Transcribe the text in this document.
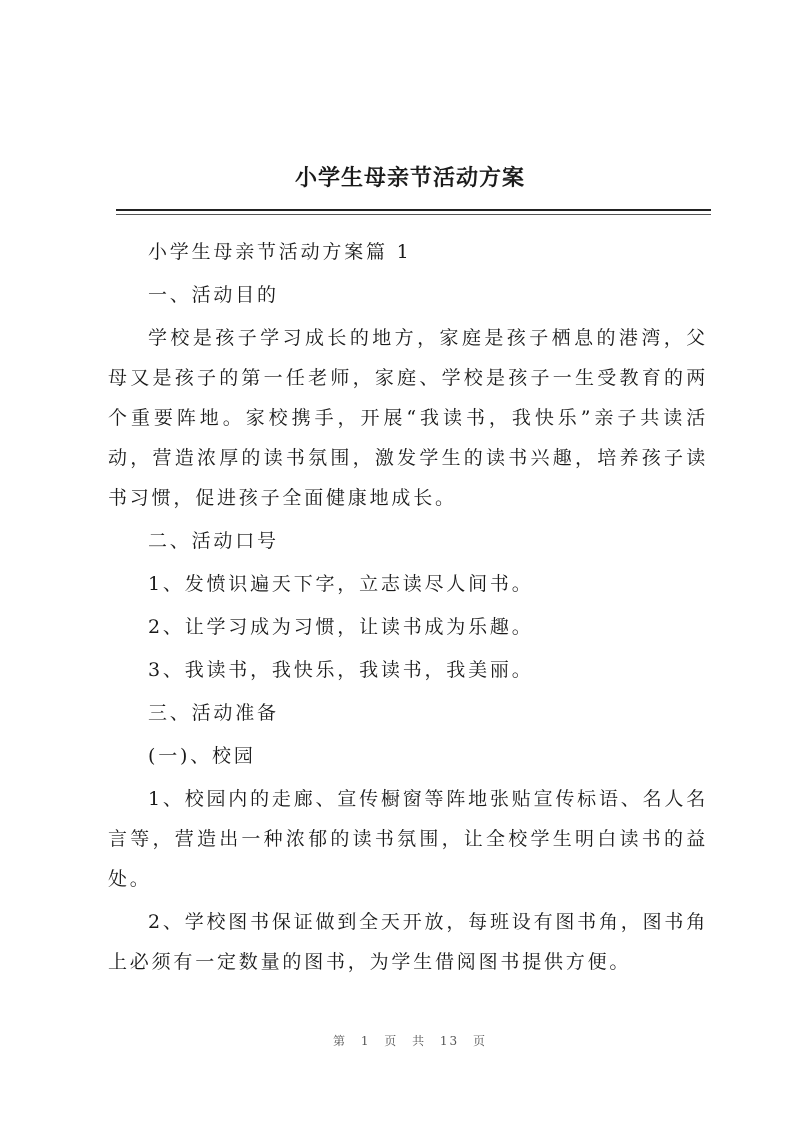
小学生母亲节活动方案

小学生母亲节活动方案篇 1

一、活动目的

学校是孩子学习成长的地方，家庭是孩子栖息的港湾，父母又是孩子的第一任老师，家庭、学校是孩子一生受教育的两个重要阵地。家校携手，开展“我读书，我快乐”亲子共读活动，营造浓厚的读书氛围，激发学生的读书兴趣，培养孩子读书习惯，促进孩子全面健康地成长。

二、活动口号

1、发愤识遍天下字，立志读尽人间书。

2、让学习成为习惯，让读书成为乐趣。

3、我读书，我快乐，我读书，我美丽。

三、活动准备

(一)、校园

1、校园内的走廊、宣传橱窗等阵地张贴宣传标语、名人名言等，营造出一种浓郁的读书氛围，让全校学生明白读书的益处。

2、学校图书保证做到全天开放，每班设有图书角，图书角上必须有一定数量的图书，为学生借阅图书提供方便。

第 1 页 共 13 页
